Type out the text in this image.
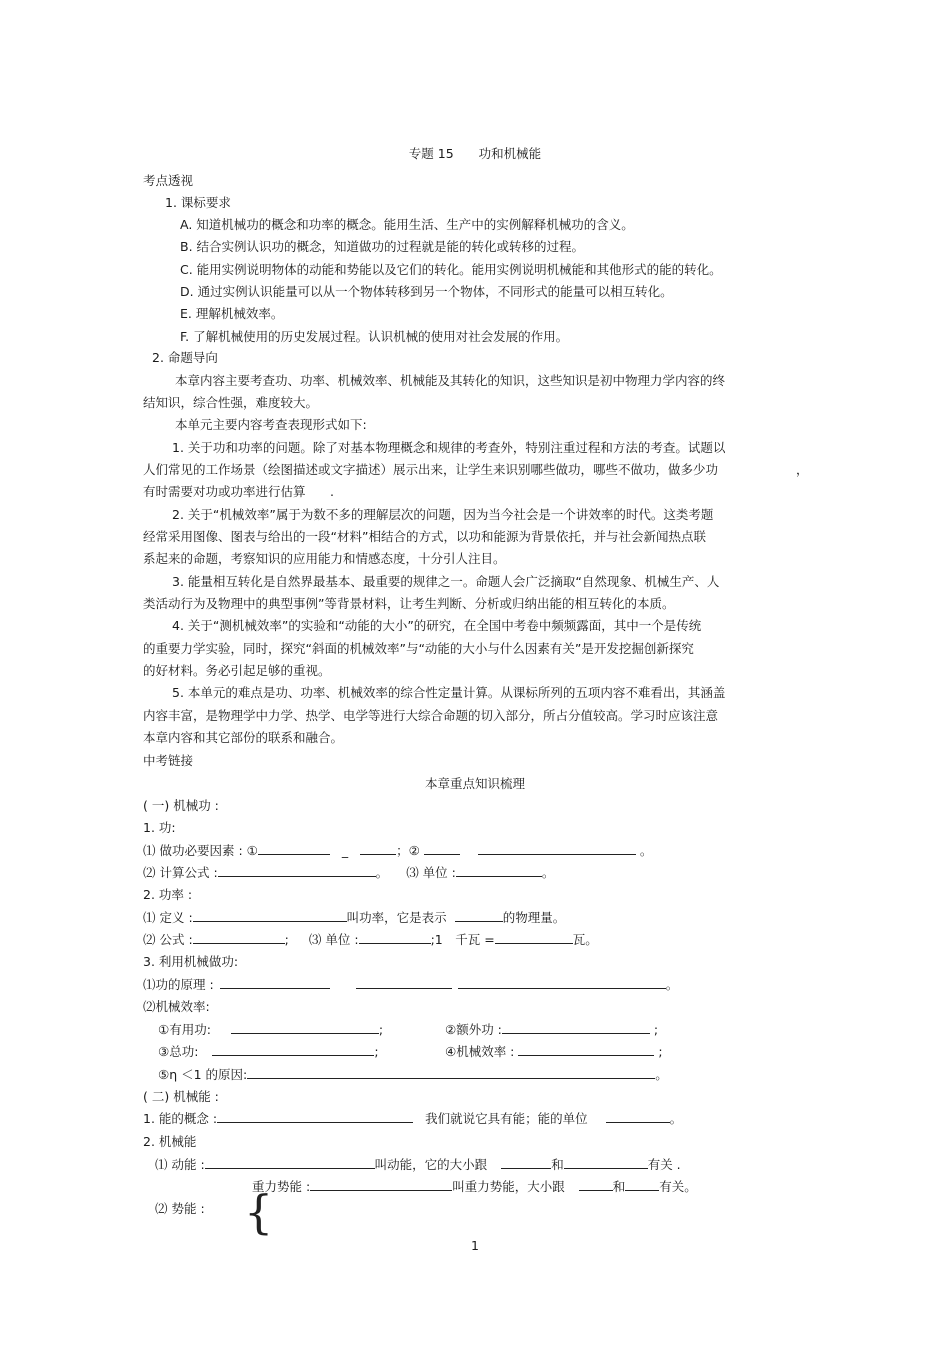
专题 15　　功和机械能
考点透视
1. 课标要求
A. 知道机械功的概念和功率的概念。能用生活、生产中的实例解释机械功的含义。
B. 结合实例认识功的概念，知道做功的过程就是能的转化或转移的过程。
C. 能用实例说明物体的动能和势能以及它们的转化。能用实例说明机械能和其他形式的能的转化。
D. 通过实例认识能量可以从一个物体转移到另一个物体，不同形式的能量可以相互转化。
E. 理解机械效率。
F. 了解机械使用的历史发展过程。认识机械的使用对社会发展的作用。
2. 命题导向
本章内容主要考查功、功率、机械效率、机械能及其转化的知识，这些知识是初中物理力学内容的终
结知识，综合性强，难度较大。
本单元主要内容考查表现形式如下:
1. 关于功和功率的问题。除了对基本物理概念和规律的考查外，特别注重过程和方法的考查。试题以
人们常见的工作场景（绘图描述或文字描述）展示出来，让学生来识别哪些做功，哪些不做功，做多少功	，
有时需要对功或功率进行估算 .
2. 关于“机械效率”属于为数不多的理解层次的问题，因为当今社会是一个讲效率的时代。这类考题
经常采用图像、图表与给出的一段“材料”相结合的方式，以功和能源为背景依托，并与社会新闻热点联
系起来的命题，考察知识的应用能力和情感态度，十分引人注目。
3. 能量相互转化是自然界最基本、最重要的规律之一。命题人会广泛摘取“自然现象、机械生产、人
类活动行为及物理中的典型事例”等背景材料，让考生判断、分析或归纳出能的相互转化的本质。
4. 关于“测机械效率”的实验和“动能的大小”的研究，在全国中考卷中频频露面，其中一个是传统
的重要力学实验，同时，探究“斜面的机械效率”与“动能的大小与什么因素有关”是开发挖掘创新探究
的好材料。务必引起足够的重视。
5. 本单元的难点是功、功率、机械效率的综合性定量计算。从课标所列的五项内容不难看出，其涵盖
内容丰富，是物理学中力学、热学、电学等进行大综合命题的切入部分，所占分值较高。学习时应该注意
本章内容和其它部份的联系和融合。
中考链接
本章重点知识梳理
( 一) 机械功 :
1. 功:
⑴ 做功必要因素 : ①	_	；②	。
⑵ 计算公式 :	。 ⑶ 单位 :	。
2. 功率 :
⑴ 定义 :	叫功率，它是表示	的物理量。
⑵ 公式 :	; ⑶ 单位 :	;1　千瓦 =	瓦。
3. 利用机械做功:
⑴功的原理 :	。
⑵机械效率:
①有用功:	;	②额外功 :	;
③总功:	;	④机械效率 :	;
⑤η ＜1 的原因:	。
( 二) 机械能 :
1. 能的概念 :	我们就说它具有能；能的单位	。
2. 机械能
⑴ 动能 :	叫动能，它的大小跟	和	有关 .
重力势能 :	叫重力势能，大小跟	和	有关。
⑵ 势能 : {
1
